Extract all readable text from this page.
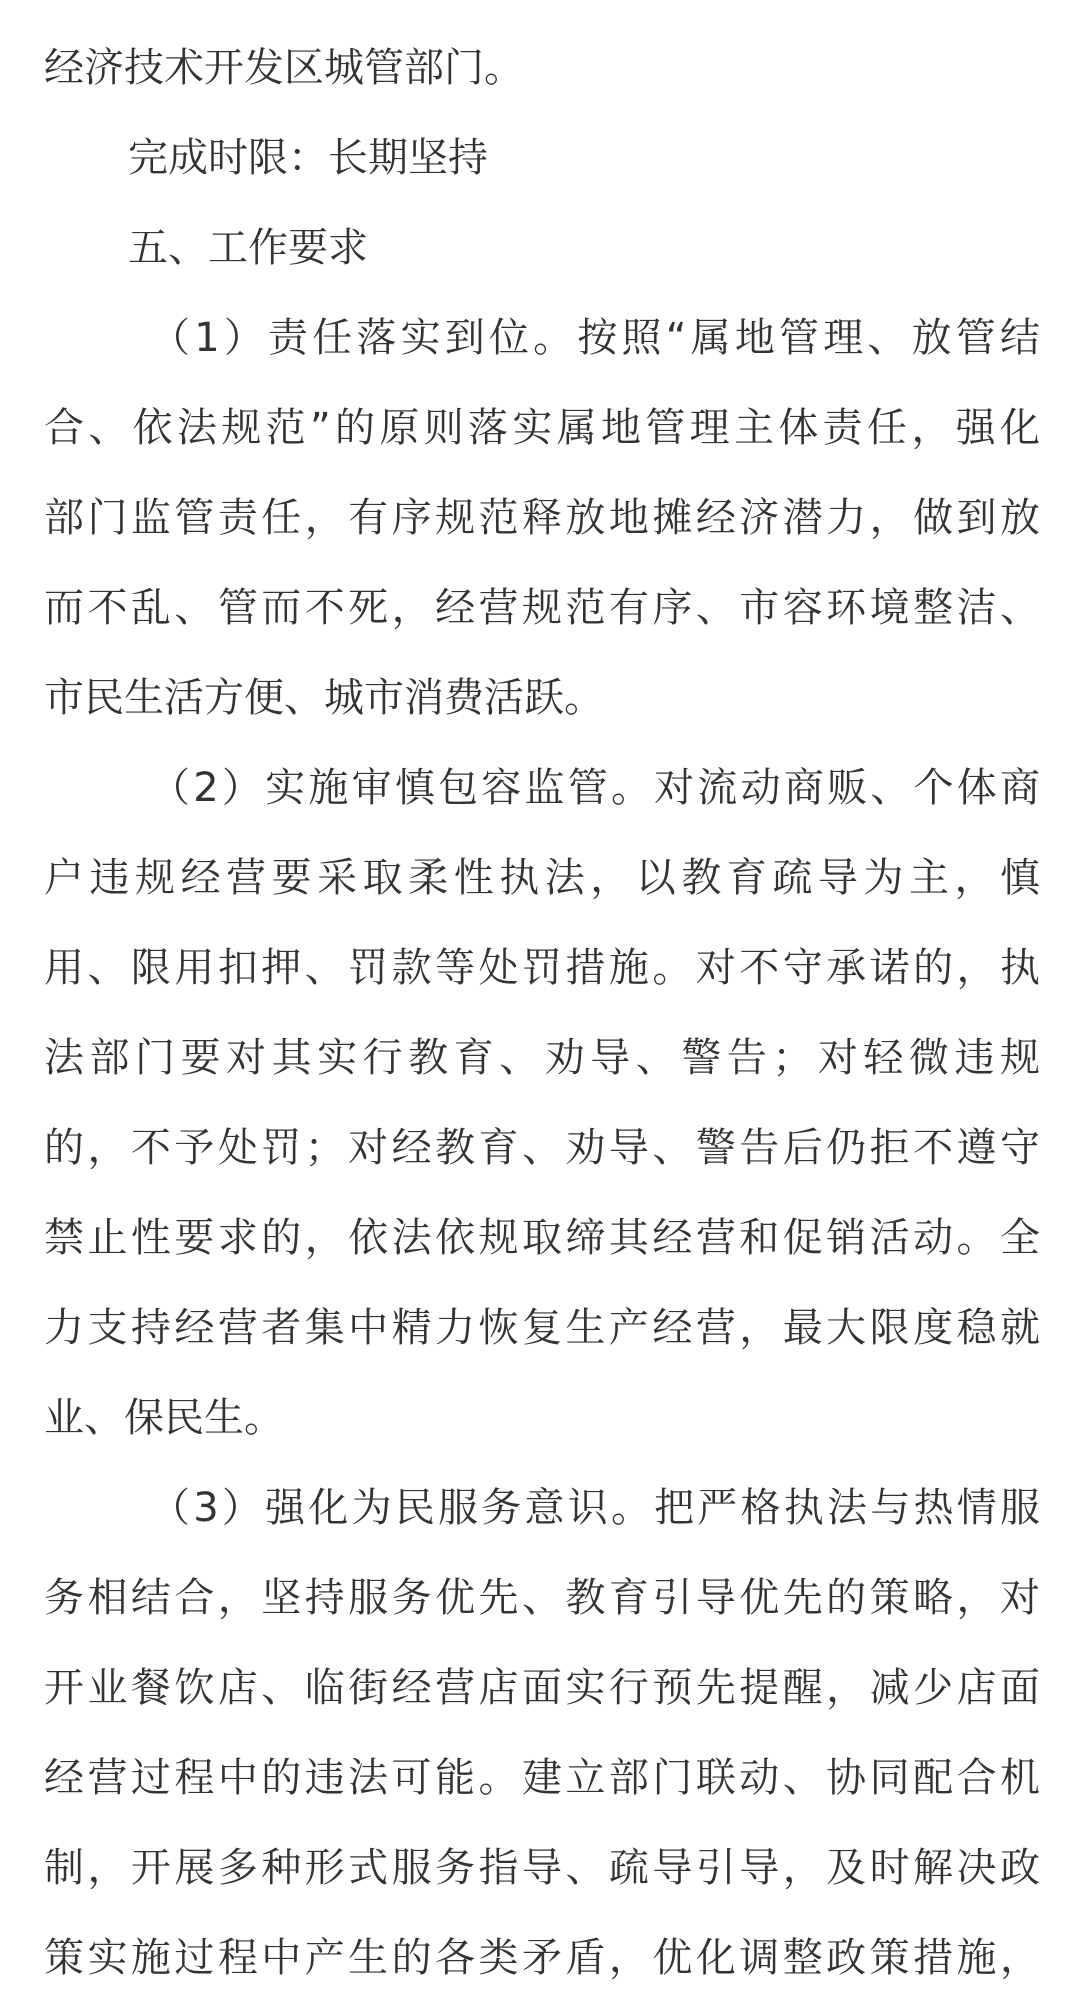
经济技术开发区城管部门。
完成时限：长期坚持
五、工作要求
（1）责任落实到位。按照“属地管理、放管结
合、依法规范”的原则落实属地管理主体责任，强化
部门监管责任，有序规范释放地摊经济潜力，做到放
而不乱、管而不死，经营规范有序、市容环境整洁、
市民生活方便、城市消费活跃。
（2）实施审慎包容监管。对流动商贩、个体商
户违规经营要采取柔性执法，以教育疏导为主，慎
用、限用扣押、罚款等处罚措施。对不守承诺的，执
法部门要对其实行教育、劝导、警告；对轻微违规
的，不予处罚；对经教育、劝导、警告后仍拒不遵守
禁止性要求的，依法依规取缔其经营和促销活动。全
力支持经营者集中精力恢复生产经营，最大限度稳就
业、保民生。
（3）强化为民服务意识。把严格执法与热情服
务相结合，坚持服务优先、教育引导优先的策略，对
开业餐饮店、临街经营店面实行预先提醒，减少店面
经营过程中的违法可能。建立部门联动、协同配合机
制，开展多种形式服务指导、疏导引导，及时解决政
策实施过程中产生的各类矛盾，优化调整政策措施，
